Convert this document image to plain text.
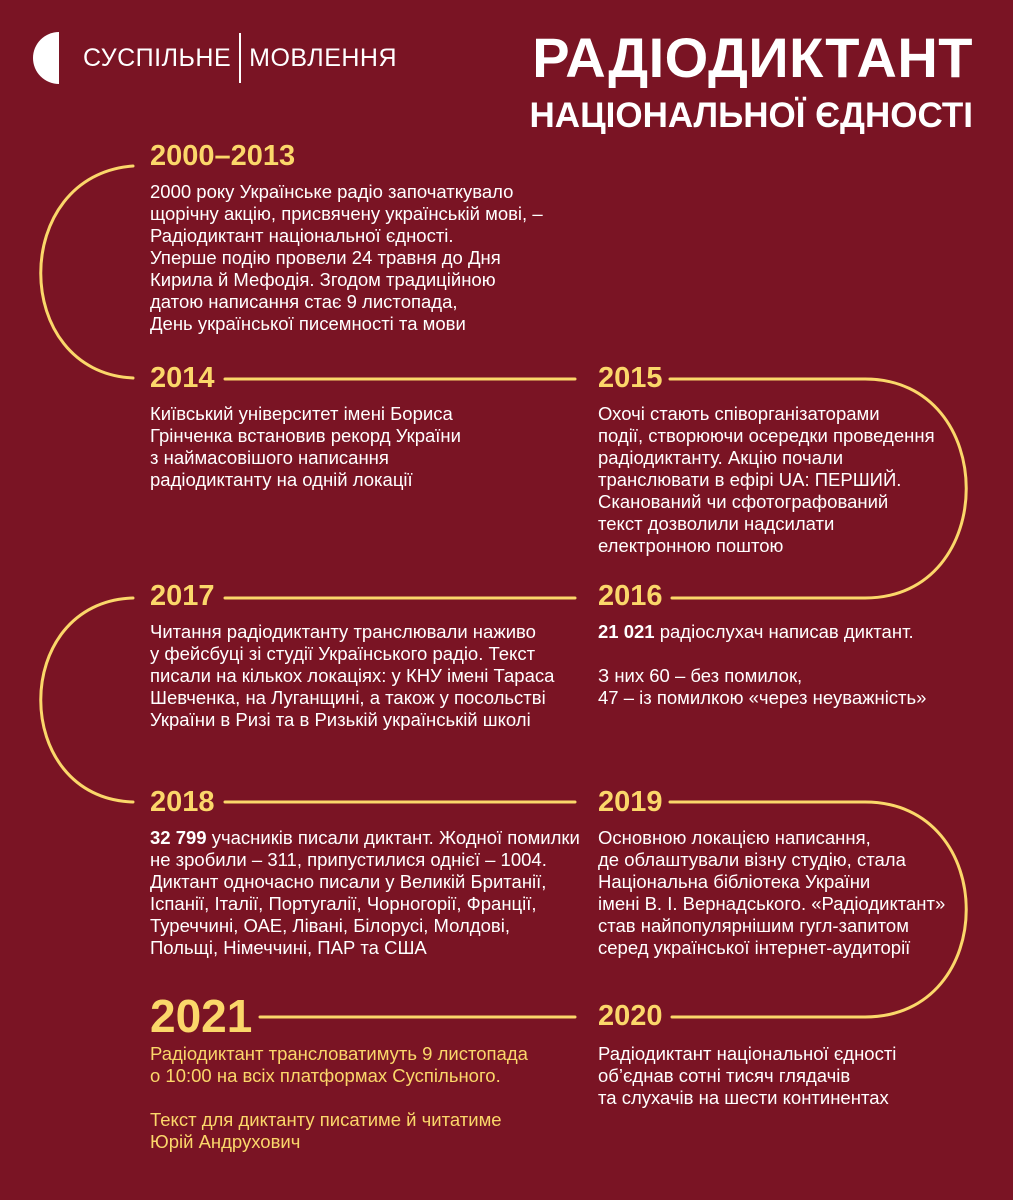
СУСПІЛЬНЕ МОВЛЕННЯ РАДІОДИКТАНТ
НАЦІОНАЛЬНОЇ ЄДНОСТІ
2000–2013
2000 року Українське радіо започаткувало
щорічну акцію, присвячену українській мові, –
Радіодиктант національної єдності.
Уперше подію провели 24 травня до Дня
Кирила й Мефодія. Згодом традиційною
датою написання стає 9 листопада,
День української писемності та мови
2014
Київський університет імені Бориса
Грінченка встановив рекорд України
з наймасовішого написання
радіодиктанту на одній локації
2015
Охочі стають співорганізаторами
події, створюючи осередки проведення
радіодиктанту. Акцію почали
транслювати в ефірі UA: ПЕРШИЙ.
Сканований чи сфотографований
текст дозволили надсилати
електронною поштою
2017
Читання радіодиктанту транслювали наживо
у фейсбуці зі студії Українського радіо. Текст
писали на кількох локаціях: у КНУ імені Тараса
Шевченка, на Луганщині, а також у посольстві
України в Ризі та в Ризькій українській школі
2016
21 021 радіослухач написав диктант.
З них 60 – без помилок,
47 – із помилкою «через неуважність»
2018
32 799 учасників писали диктант. Жодної помилки
не зробили – 311, припустилися однієї – 1004.
Диктант одночасно писали у Великій Британії,
Іспанії, Італії, Португалії, Чорногорії, Франції,
Туреччині, ОАЕ, Лівані, Білорусі, Молдові,
Польщі, Німеччині, ПАР та США
2019
Основною локацією написання,
де облаштували візну студію, стала
Національна бібліотека України
імені В. І. Вернадського. «Радіодиктант»
став найпопулярнішим гугл-запитом
серед української інтернет-аудиторії
2021
Радіодиктант трансловатимуть 9 листопада
о 10:00 на всіх платформах Суспільного.
Текст для диктанту писатиме й читатиме
Юрій Андрухович
2020
Радіодиктант національної єдності
об’єднав сотні тисяч глядачів
та слухачів на шести континентах
